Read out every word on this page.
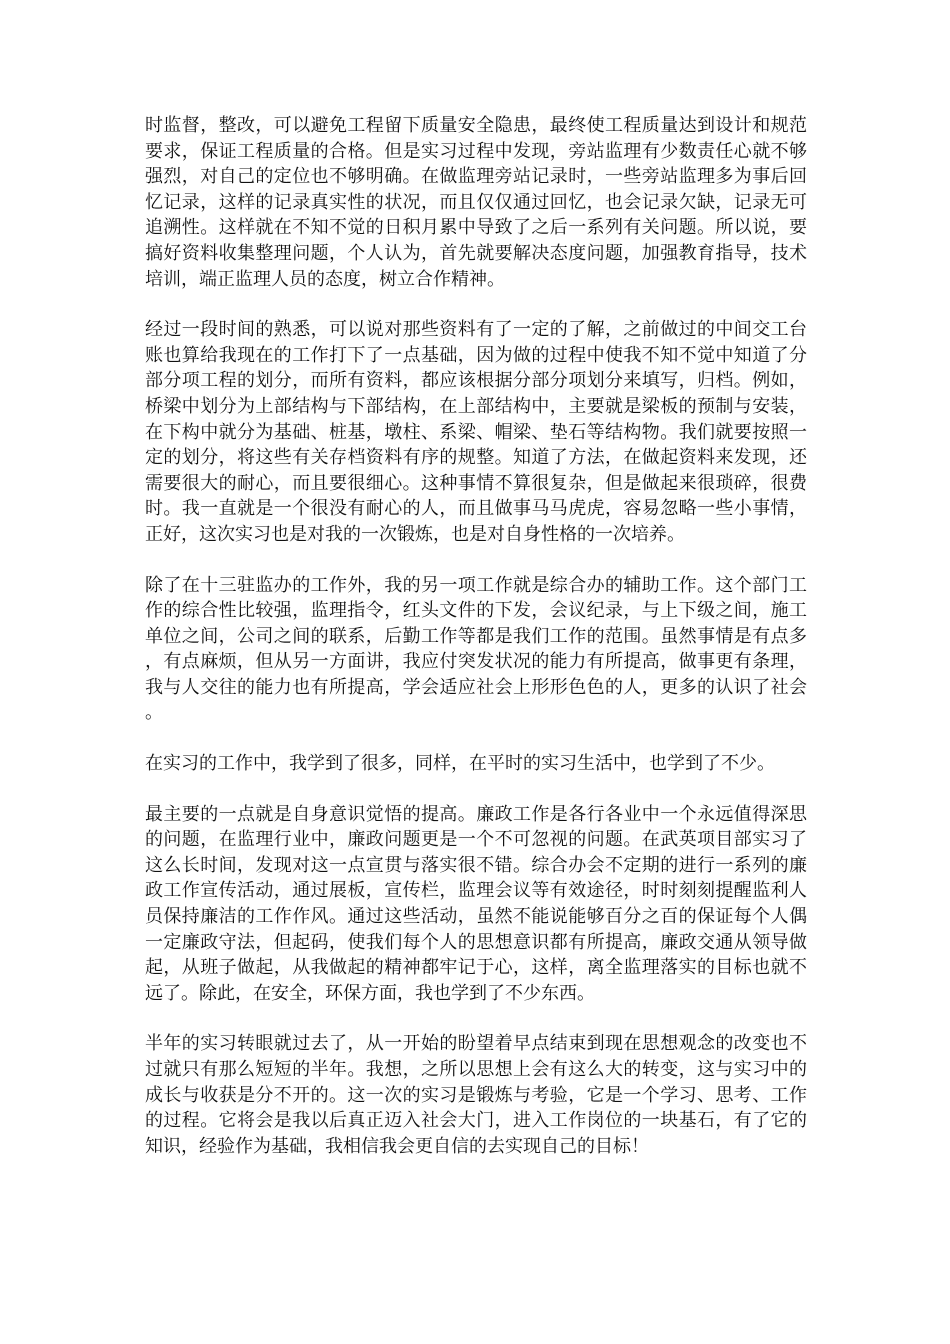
时监督，整改，可以避免工程留下质量安全隐患，最终使工程质量达到设计和规范要求，保证工程质量的合格。但是实习过程中发现，旁站监理有少数责任心就不够强烈，对自己的定位也不够明确。在做监理旁站记录时，一些旁站监理多为事后回忆记录，这样的记录真实性的状况，而且仅仅通过回忆，也会记录欠缺，记录无可追溯性。这样就在不知不觉的日积月累中导致了之后一系列有关问题。所以说，要搞好资料收集整理问题，个人认为，首先就要解决态度问题，加强教育指导，技术培训，端正监理人员的态度，树立合作精神。

经过一段时间的熟悉，可以说对那些资料有了一定的了解，之前做过的中间交工台账也算给我现在的工作打下了一点基础，因为做的过程中使我不知不觉中知道了分部分项工程的划分，而所有资料，都应该根据分部分项划分来填写，归档。例如，桥梁中划分为上部结构与下部结构，在上部结构中，主要就是梁板的预制与安装，在下构中就分为基础、桩基，墩柱、系梁、帽梁、垫石等结构物。我们就要按照一定的划分，将这些有关存档资料有序的规整。知道了方法，在做起资料来发现，还需要很大的耐心，而且要很细心。这种事情不算很复杂，但是做起来很琐碎，很费时。我一直就是一个很没有耐心的人，而且做事马马虎虎，容易忽略一些小事情，正好，这次实习也是对我的一次锻炼，也是对自身性格的一次培养。

除了在十三驻监办的工作外，我的另一项工作就是综合办的辅助工作。这个部门工作的综合性比较强，监理指令，红头文件的下发，会议纪录，与上下级之间，施工单位之间，公司之间的联系，后勤工作等都是我们工作的范围。虽然事情是有点多，有点麻烦，但从另一方面讲，我应付突发状况的能力有所提高，做事更有条理，我与人交往的能力也有所提高，学会适应社会上形形色色的人，更多的认识了社会。

在实习的工作中，我学到了很多，同样，在平时的实习生活中，也学到了不少。

最主要的一点就是自身意识觉悟的提高。廉政工作是各行各业中一个永远值得深思的问题，在监理行业中，廉政问题更是一个不可忽视的问题。在武英项目部实习了这么长时间，发现对这一点宣贯与落实很不错。综合办会不定期的进行一系列的廉政工作宣传活动，通过展板，宣传栏，监理会议等有效途径，时时刻刻提醒监利人员保持廉洁的工作作风。通过这些活动，虽然不能说能够百分之百的保证每个人偶一定廉政守法，但起码，使我们每个人的思想意识都有所提高，廉政交通从领导做起，从班子做起，从我做起的精神都牢记于心，这样，离全监理落实的目标也就不远了。除此，在安全，环保方面，我也学到了不少东西。

半年的实习转眼就过去了，从一开始的盼望着早点结束到现在思想观念的改变也不过就只有那么短短的半年。我想，之所以思想上会有这么大的转变，这与实习中的成长与收获是分不开的。这一次的实习是锻炼与考验，它是一个学习、思考、工作的过程。它将会是我以后真正迈入社会大门，进入工作岗位的一块基石，有了它的知识，经验作为基础，我相信我会更自信的去实现自己的目标！
